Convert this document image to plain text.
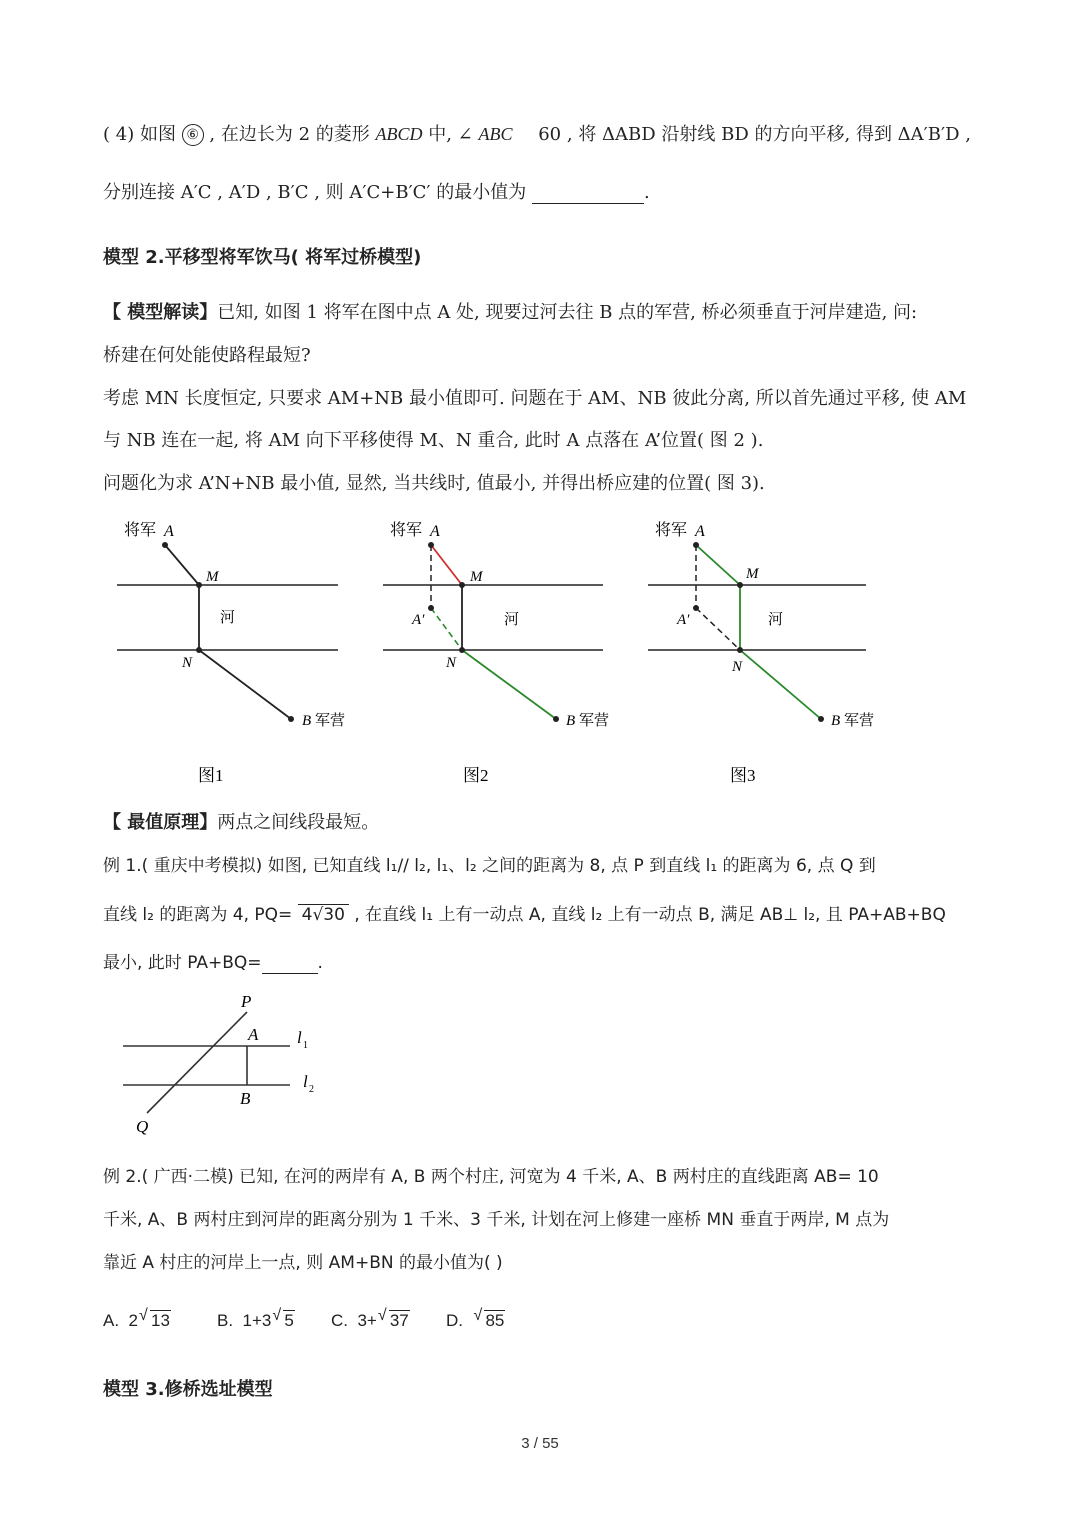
( 4) 如图 ⑥ , 在边长为 2 的菱形 ABCD 中, ∠ ABC 60 , 将 ΔABD 沿射线 BD 的方向平移, 得到 ΔA′B′D ,
分别连接 A′C , A′D , B′C , 则 A′C+B′C′ 的最小值为	.
模型 2.平移型将军饮马( 将军过桥模型)
【 模型解读】已知, 如图 1 将军在图中点 A 处, 现要过河去往 B 点的军营, 桥必须垂直于河岸建造, 问:
桥建在何处能使路程最短?
考虑 MN 长度恒定, 只要求 AM+NB 最小值即可. 问题在于 AM、NB 彼此分离, 所以首先通过平移, 使 AM
与 NB 连在一起, 将 AM 向下平移使得 M、N 重合, 此时 A 点落在 A’位置( 图 2 ).
问题化为求 A’N+NB 最小值, 显然, 当共线时, 值最小, 并得出桥应建的位置( 图 3).
将军 A
M
河
N
B 军营
图1
将军 A
M
A′	河
N
B 军营
图2
将军 A
M
A′	河
N
B 军营
图3
【 最值原理】两点之间线段最短。
例 1.( 重庆中考模拟) 如图, 已知直线 l₁// l₂, l₁、l₂ 之间的距离为 8, 点 P 到直线 l₁ 的距离为 6, 点 Q 到
直线 l₂ 的距离为 4, PQ= 4√30 , 在直线 l₁ 上有一动点 A, 直线 l₂ 上有一动点 B, 满足 AB⊥ l₂, 且 PA+AB+BQ
最小, 此时 PA+BQ=	.
P
A l 1
l 2
B
Q
例 2.( 广西·二模) 已知, 在河的两岸有 A, B 两个村庄, 河宽为 4 千米, A、B 两村庄的直线距离 AB= 10
千米, A、B 两村庄到河岸的距离分别为 1 千米、3 千米, 计划在河上修建一座桥 MN 垂直于两岸, M 点为
靠近 A 村庄的河岸上一点, 则 AM+BN 的最小值为( )
A. 2 √ 13	B. 1+3 √ 5 C. 3+ √ 37 D. √ 85
模型 3.修桥选址模型
3 / 55
